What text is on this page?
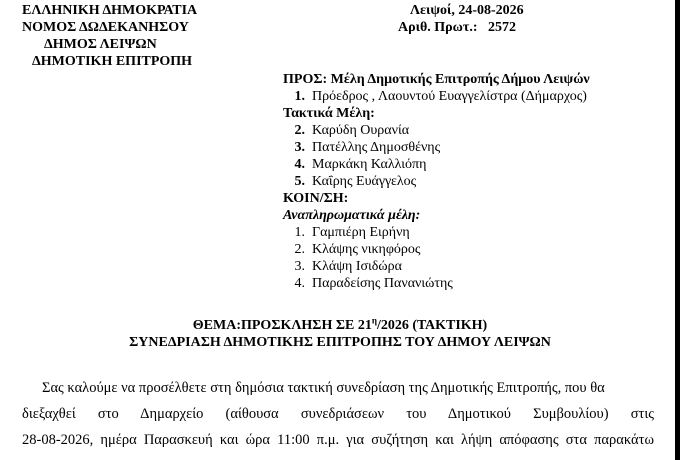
ΕΛΛΗΝΙΚΗ ΔΗΜΟΚΡΑΤΙΑ
ΝΟΜΟΣ ΔΩΔΕΚΑΝΗΣΟΥ
ΔΗΜΟΣ ΛΕΙΨΩΝ
ΔΗΜΟΤΙΚΗ ΕΠΙΤΡΟΠΗ
Λειψοί, 24-08-2026
Αριθ. Πρωτ.: 2572
ΠΡΟΣ: Μέλη Δημοτικής Επιτροπής Δήμου Λειψών
1. Πρόεδρος , Λαουντού Ευαγγελίστρα (Δήμαρχος)
Τακτικά Μέλη:
2. Καρύδη Ουρανία
3. Πατέλλης Δημοσθένης
4. Μαρκάκη Καλλιόπη
5. Καΐρης Ευάγγελος
ΚΟΙΝ/ΣΗ:
Αναπληρωματικά μέλη:
1. Γαμπιέρη Ειρήνη
2. Κλάψης νικηφόρος
3. Κλάψη Ισιδώρα
4. Παραδείσης Πανανιώτης
ΘΕΜΑ:ΠΡΟΣΚΛΗΣΗ ΣΕ $21^\eta/2026$ (ΤΑΚΤΙΚΗ)
ΣΥΝΕΔΡΙΑΣΗ ΔΗΜΟΤΙΚΗΣ ΕΠΙΤΡΟΠΗΣ ΤΟΥ ΔΗΜΟΥ ΛΕΙΨΩΝ
Σας καλούμε να προσέλθετε στη δημόσια τακτική συνεδρίαση της Δημοτικής Επιτροπής, που θα
διεξαχθεί στο Δημαρχείο (αίθουσα συνεδριάσεων του Δημοτικού Συμβουλίου) στις
28-08-2026, ημέρα Παρασκευή και ώρα 11:00 π.μ. για συζήτηση και λήψη απόφασης στα παρακάτω
